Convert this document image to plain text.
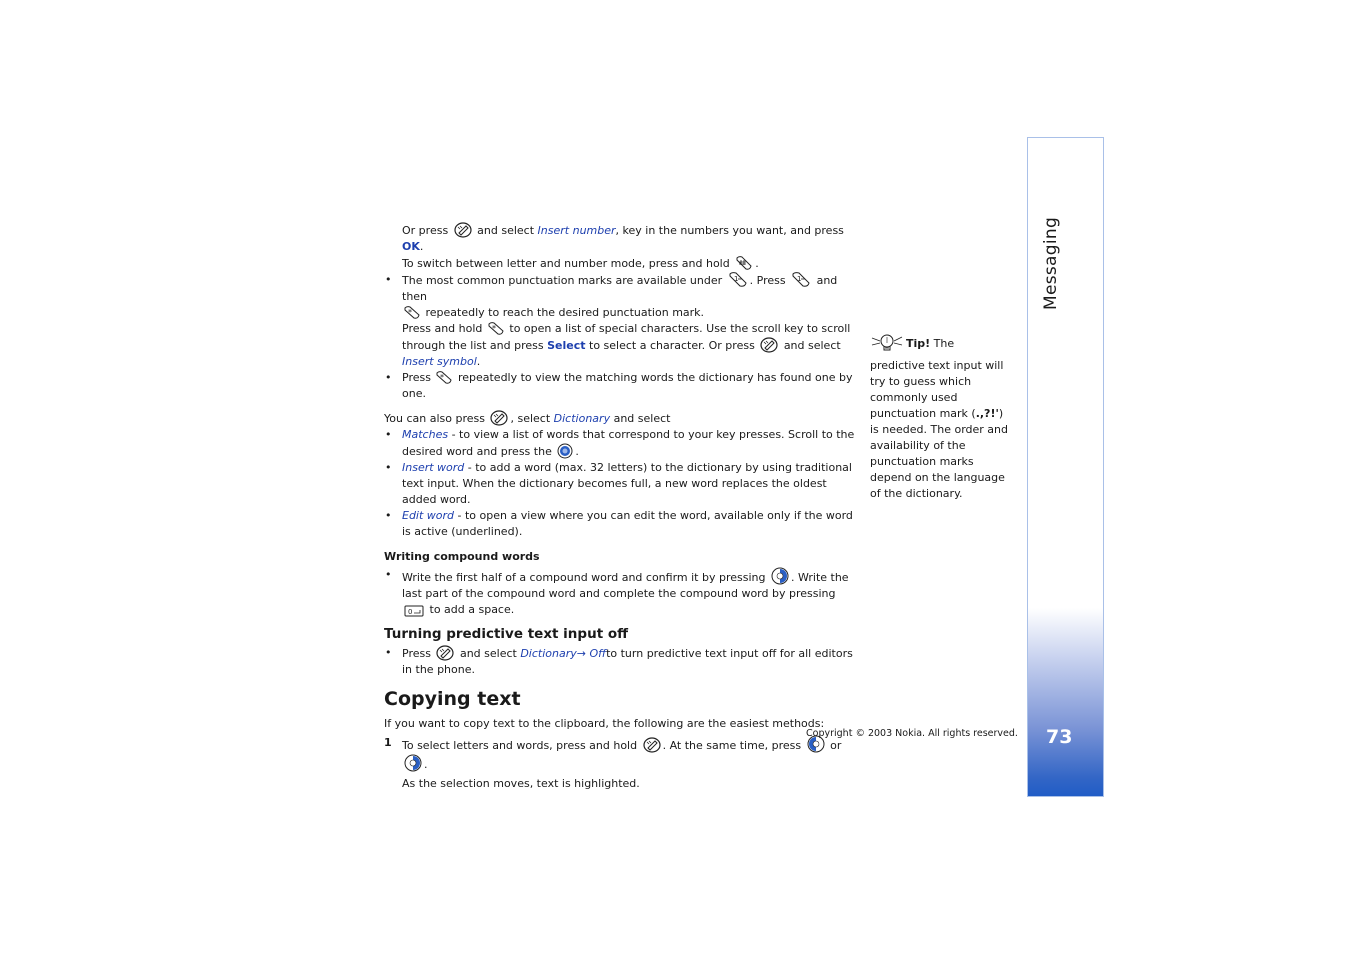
Messaging
73

Or press	and select Insert number, key in the numbers you want, and press OK.

To switch between letter and number mode, press and hold .

• The most common punctuation marks are available under 1 . Press 1 and then

* repeatedly to reach the desired punctuation mark.

Press and hold * to open a list of special characters. Use the scroll key to scroll through the list and press Select to select a character. Or press	and select Insert symbol.

• Press * repeatedly to view the matching words the dictionary has found one by one.

You can also press , select Dictionary and select

• Matches - to view a list of words that correspond to your key presses. Scroll to the desired word and press the .
• Insert word - to add a word (max. 32 letters) to the dictionary by using traditional text input. When the dictionary becomes full, a new word replaces the oldest added word.
• Edit word - to open a view where you can edit the word, available only if the word is active (underlined).
Writing compound words
• Write the first half of a compound word and confirm it by pressing . Write the last part of the compound word and complete the compound word by pressing
0 to add a space.
Turning predictive text input off
• Press	and select Dictionary→ Offto turn predictive text input off for all editors in the phone.
Copying text

If you want to copy text to the clipboard, the following are the easiest methods:

1 To select letters and words, press and hold . At the same time, press	or
.
As the selection moves, text is highlighted.
Tip! The predictive text input will try to guess which commonly used punctuation mark (.,?!') is needed. The order and availability of the punctuation marks depend on the language of the dictionary.
Copyright © 2003 Nokia. All rights reserved.
